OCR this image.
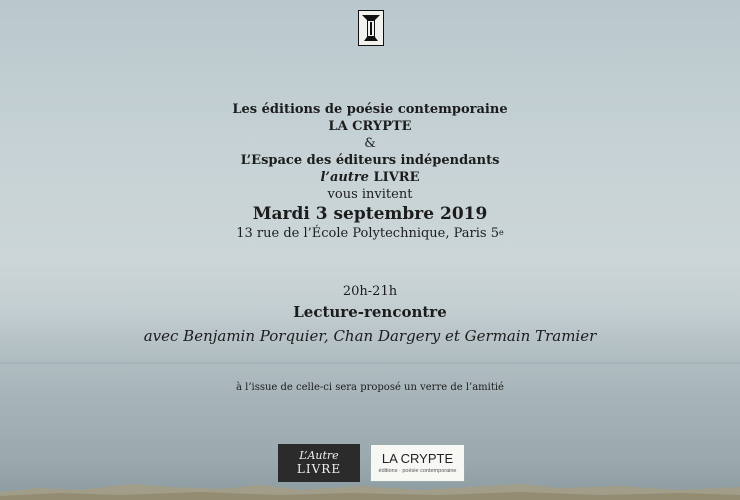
Les éditions de poésie contemporaine
LA CRYPTE
&
L’Espace des éditeurs indépendants
l’autre LIVRE
vous invitent
Mardi 3 septembre 2019
13 rue de l’École Polytechnique, Paris 5e
20h-21h
Lecture-rencontre
avec Benjamin Porquier, Chan Dargery et Germain Tramier
à l’issue de celle-ci sera proposé un verre de l’amitié
L’Autre
LIVRE
LA CRYPTE
éditions · poésie contemporaine
